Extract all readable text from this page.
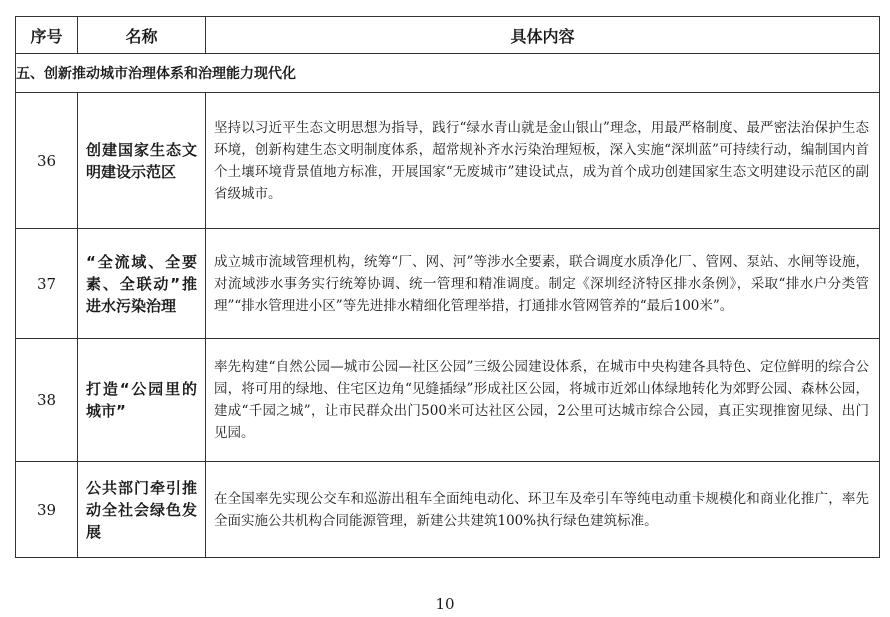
序号	名称	具体内容
五、创新推动城市治理体系和治理能力现代化		
36	创建国家生态文明建设示范区	坚持以习近平生态文明思想为指导，践行“绿水青山就是金山银山”理念，用最严格制度、最严密法治保护生态环境，创新构建生态文明制度体系，超常规补齐水污染治理短板，深入实施“深圳蓝”可持续行动，编制国内首个土壤环境背景值地方标准，开展国家“无废城市”建设试点，成为首个成功创建国家生态文明建设示范区的副省级城市。
37	“全流域、全要素、全联动”推进水污染治理	成立城市流域管理机构，统筹“厂、网、河”等涉水全要素，联合调度水质净化厂、管网、泵站、水闸等设施，对流域涉水事务实行统筹协调、统一管理和精准调度。制定《深圳经济特区排水条例》，采取“排水户分类管理”“排水管理进小区”等先进排水精细化管理举措，打通排水管网管养的“最后100米”。
38	打造“公园里的城市”	率先构建“自然公园—城市公园—社区公园”三级公园建设体系，在城市中央构建各具特色、定位鲜明的综合公园，将可用的绿地、住宅区边角“见缝插绿”形成社区公园，将城市近郊山体绿地转化为郊野公园、森林公园，建成“千园之城”，让市民群众出门500米可达社区公园，2公里可达城市综合公园，真正实现推窗见绿、出门见园。
39	公共部门牵引推动全社会绿色发展	在全国率先实现公交车和巡游出租车全面纯电动化、环卫车及牵引车等纯电动重卡规模化和商业化推广，率先全面实施公共机构合同能源管理，新建公共建筑100%执行绿色建筑标准。
10
